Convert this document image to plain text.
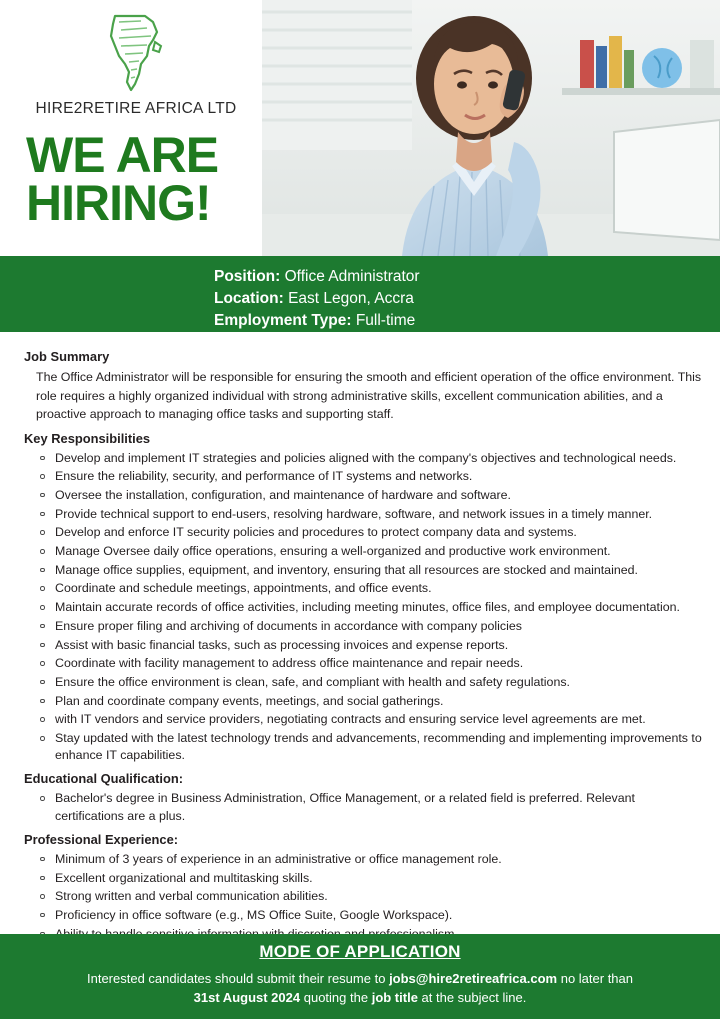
HIRE2RETIRE AFRICA LTD
WE ARE
HIRING!
Position: Office Administrator
Location: East Legon, Accra
Employment Type: Full-time
Job Summary

The Office Administrator will be responsible for ensuring the smooth and efficient operation of the office environment. This role requires a highly organized individual with strong administrative skills, excellent communication abilities, and a proactive approach to managing office tasks and supporting staff.

Key Responsibilities
Develop and implement IT strategies and policies aligned with the company's objectives and technological needs.
Ensure the reliability, security, and performance of IT systems and networks.
Oversee the installation, configuration, and maintenance of hardware and software.
Provide technical support to end-users, resolving hardware, software, and network issues in a timely manner.
Develop and enforce IT security policies and procedures to protect company data and systems.
Manage Oversee daily office operations, ensuring a well-organized and productive work environment.
Manage office supplies, equipment, and inventory, ensuring that all resources are stocked and maintained.
Coordinate and schedule meetings, appointments, and office events.
Maintain accurate records of office activities, including meeting minutes, office files, and employee documentation.
Ensure proper filing and archiving of documents in accordance with company policies
Assist with basic financial tasks, such as processing invoices and expense reports.
Coordinate with facility management to address office maintenance and repair needs.
Ensure the office environment is clean, safe, and compliant with health and safety regulations.
Plan and coordinate company events, meetings, and social gatherings.
with IT vendors and service providers, negotiating contracts and ensuring service level agreements are met.
Stay updated with the latest technology trends and advancements, recommending and implementing improvements to enhance IT capabilities.
Educational Qualification:
Bachelor's degree in Business Administration, Office Management, or a related field is preferred. Relevant certifications are a plus.
Professional Experience:
Minimum of 3 years of experience in an administrative or office management role.
Excellent organizational and multitasking skills.
Strong written and verbal communication abilities.
Proficiency in office software (e.g., MS Office Suite, Google Workspace).
MODE OF APPLICATION
Interested candidates should submit their resume to jobs@hire2retireafrica.com no later than
31st August 2024 quoting the job title at the subject line.
